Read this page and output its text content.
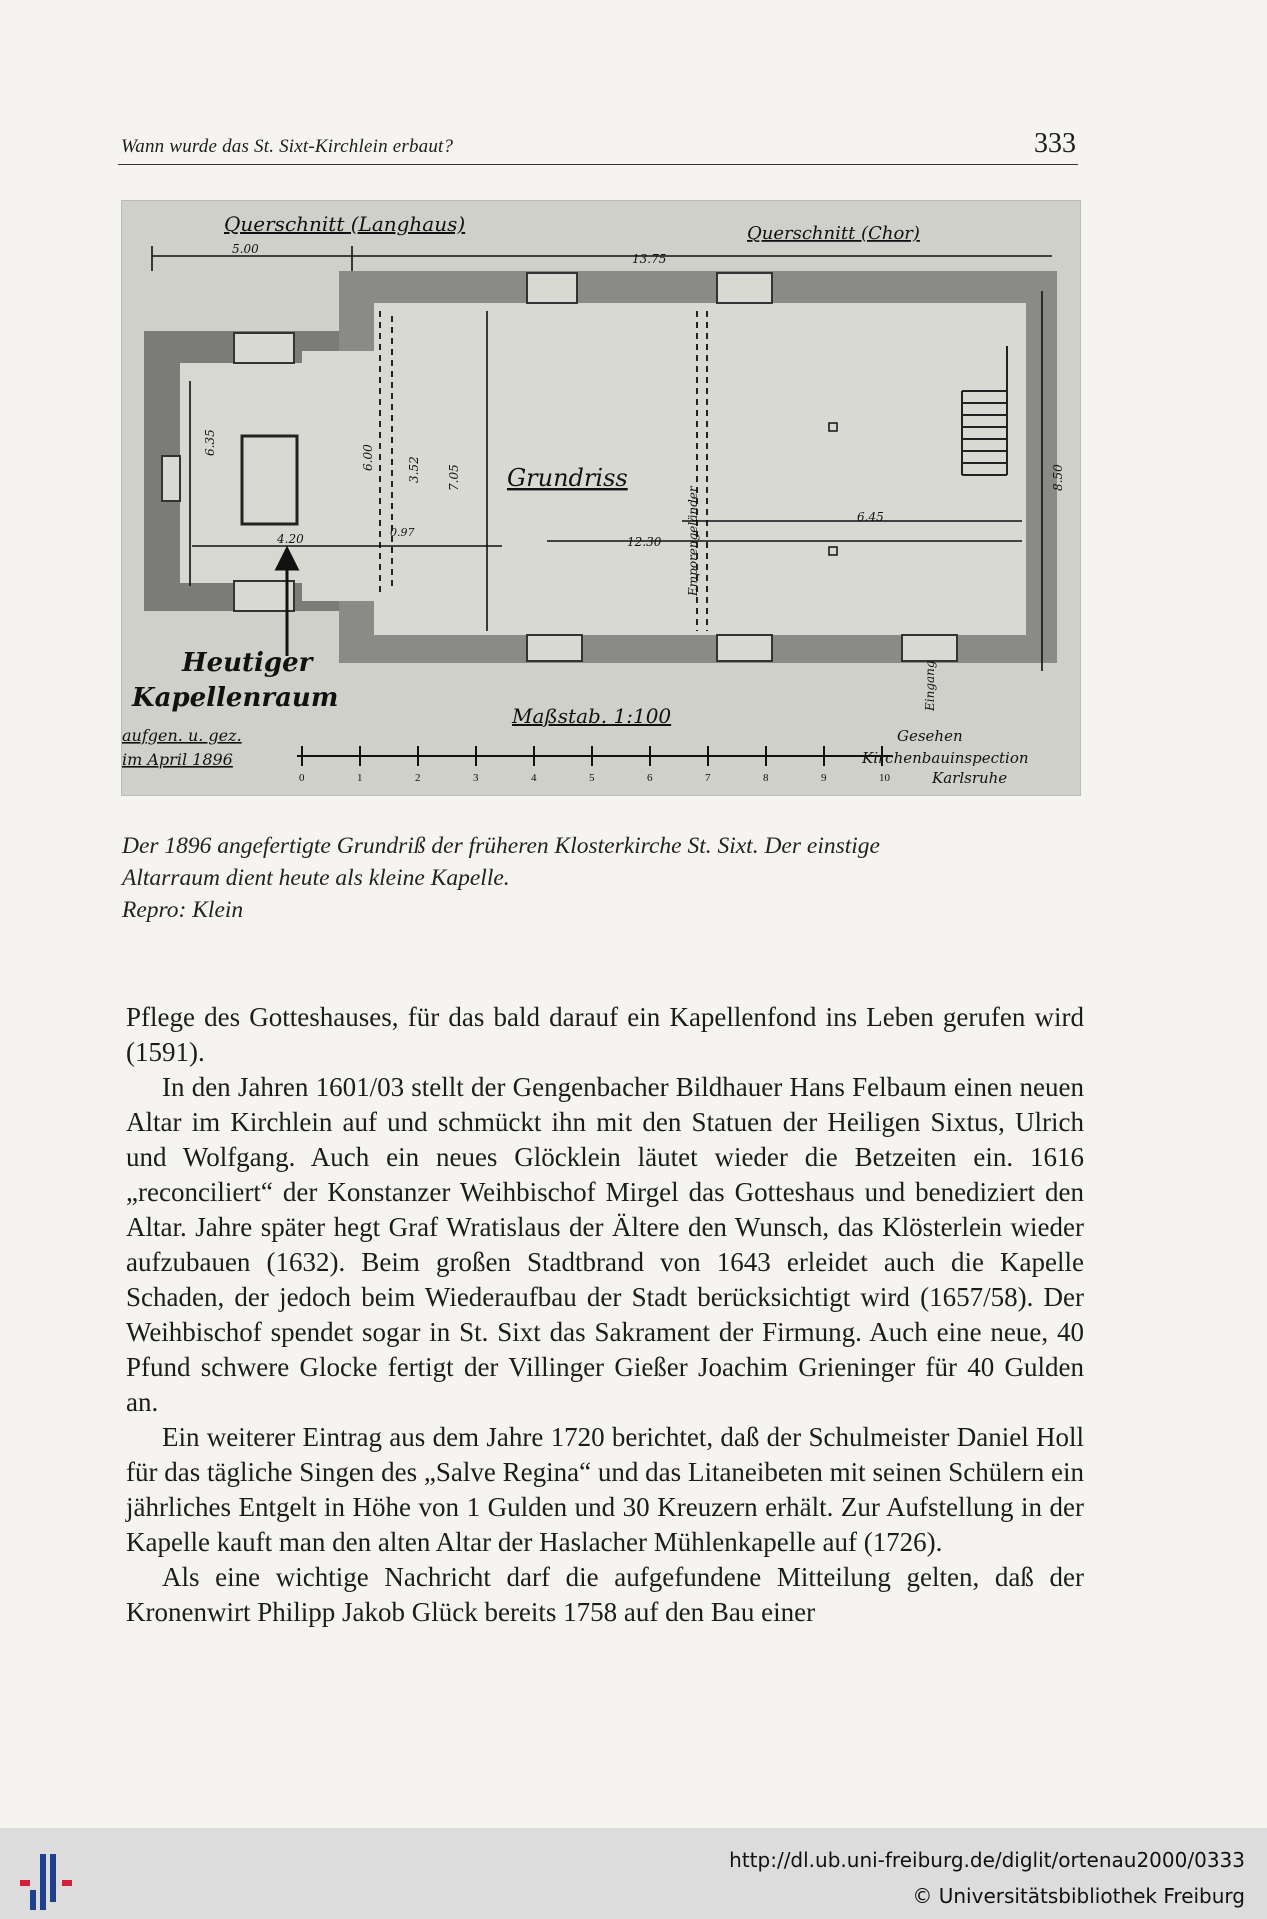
Wann wurde das St. Sixt-Kirchlein erbaut?	333
Querschnitt (Langhaus)	Querschnitt (Chor)
Grundriss
Maßstab. 1:100
Heutiger
Kapellenraum
aufgen. u. gez.
im April 1896
Gesehen
Kirchenbauinspection
Karlsruhe
Eingang
Emporengeländer
5.00
13.75
6.35
6.00	3.52 7.05
4.20	0.97
12.30
6.45
8.50
0	1	2	3	4	5	6	7	8	9	10
Der 1896 angefertigte Grundriß der früheren Klosterkirche St. Sixt. Der einstige
Altarraum dient heute als kleine Kapelle.
Repro: Klein

Pflege des Gotteshauses, für das bald darauf ein Kapellenfond ins Leben gerufen wird (1591).

In den Jahren 1601/03 stellt der Gengenbacher Bildhauer Hans Felbaum einen neuen Altar im Kirchlein auf und schmückt ihn mit den Statuen der Heiligen Sixtus, Ulrich und Wolfgang. Auch ein neues Glöcklein läutet wieder die Betzeiten ein. 1616 „reconciliert“ der Konstanzer Weihbischof Mirgel das Gotteshaus und benediziert den Altar. Jahre später hegt Graf Wratislaus der Ältere den Wunsch, das Klösterlein wieder aufzubauen (1632). Beim großen Stadtbrand von 1643 erleidet auch die Kapelle Schaden, der jedoch beim Wiederaufbau der Stadt berücksichtigt wird (1657/58). Der Weihbischof spendet sogar in St. Sixt das Sakrament der Firmung. Auch eine neue, 40 Pfund schwere Glocke fertigt der Villinger Gießer Joachim Grieninger für 40 Gulden an.

Ein weiterer Eintrag aus dem Jahre 1720 berichtet, daß der Schulmeister Daniel Holl für das tägliche Singen des „Salve Regina“ und das Litaneibeten mit seinen Schülern ein jährliches Entgelt in Höhe von 1 Gulden und 30 Kreuzern erhält. Zur Aufstellung in der Kapelle kauft man den alten Altar der Haslacher Mühlenkapelle auf (1726).

Als eine wichtige Nachricht darf die aufgefundene Mitteilung gelten, daß der Kronenwirt Philipp Jakob Glück bereits 1758 auf den Bau einer

http://dl.ub.uni-freiburg.de/diglit/ortenau2000/0333
© Universitätsbibliothek Freiburg
